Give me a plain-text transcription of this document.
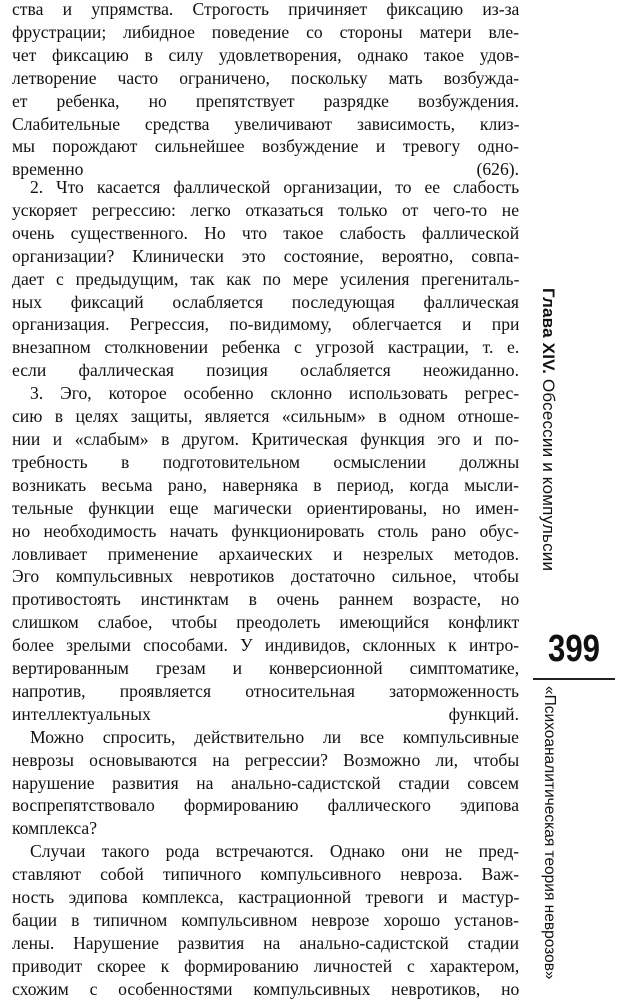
ства и упрямства. Строгость причиняет фиксацию из-за
фрустрации; либидное поведение со стороны матери вле-
чет фиксацию в силу удовлетворения, однако такое удов-
летворение часто ограничено, поскольку мать возбужда-
ет ребенка, но препятствует разрядке возбуждения.
Слабительные средства увеличивают зависимость, клиз-
мы порождают сильнейшее возбуждение и тревогу одно-
временно (626).
2. Что касается фаллической организации, то ее слабость
ускоряет регрессию: легко отказаться только от чего-то не
очень существенного. Но что такое слабость фаллической
организации? Клинически это состояние, вероятно, совпа-
дает с предыдущим, так как по мере усиления прегениталь-
ных фиксаций ослабляется последующая фаллическая
организация. Регрессия, по-видимому, облегчается и при
внезапном столкновении ребенка с угрозой кастрации, т. е.
если фаллическая позиция ослабляется неожиданно.
3. Эго, которое особенно склонно использовать регрес-
сию в целях защиты, является «сильным» в одном отноше-
нии и «слабым» в другом. Критическая функция эго и по-
требность в подготовительном осмыслении должны
возникать весьма рано, наверняка в период, когда мысли-
тельные функции еще магически ориентированы, но имен-
но необходимость начать функционировать столь рано обус-
ловливает применение архаических и незрелых методов.
Эго компульсивных невротиков достаточно сильное, чтобы
противостоять инстинктам в очень раннем возрасте, но
слишком слабое, чтобы преодолеть имеющийся конфликт
более зрелыми способами. У индивидов, склонных к интро-
вертированным грезам и конверсионной симптоматике,
напротив, проявляется относительная заторможенность
интеллектуальных функций.
Можно спросить, действительно ли все компульсивные
неврозы основываются на регрессии? Возможно ли, чтобы
нарушение развития на анально-садистской стадии совсем
воспрепятствовало формированию фаллического эдипова
комплекса?
Случаи такого рода встречаются. Однако они не пред-
ставляют собой типичного компульсивного невроза. Важ-
ность эдипова комплекса, кастрационной тревоги и мастур-
бации в типичном компульсивном неврозе хорошо установ-
лены. Нарушение развития на анально-садистской стадии
приводит скорее к формированию личностей с характером,
схожим с особенностями компульсивных невротиков, но
Глава XIV. Обсессии и компульсии
399
«Психоаналитическая теория неврозов»
